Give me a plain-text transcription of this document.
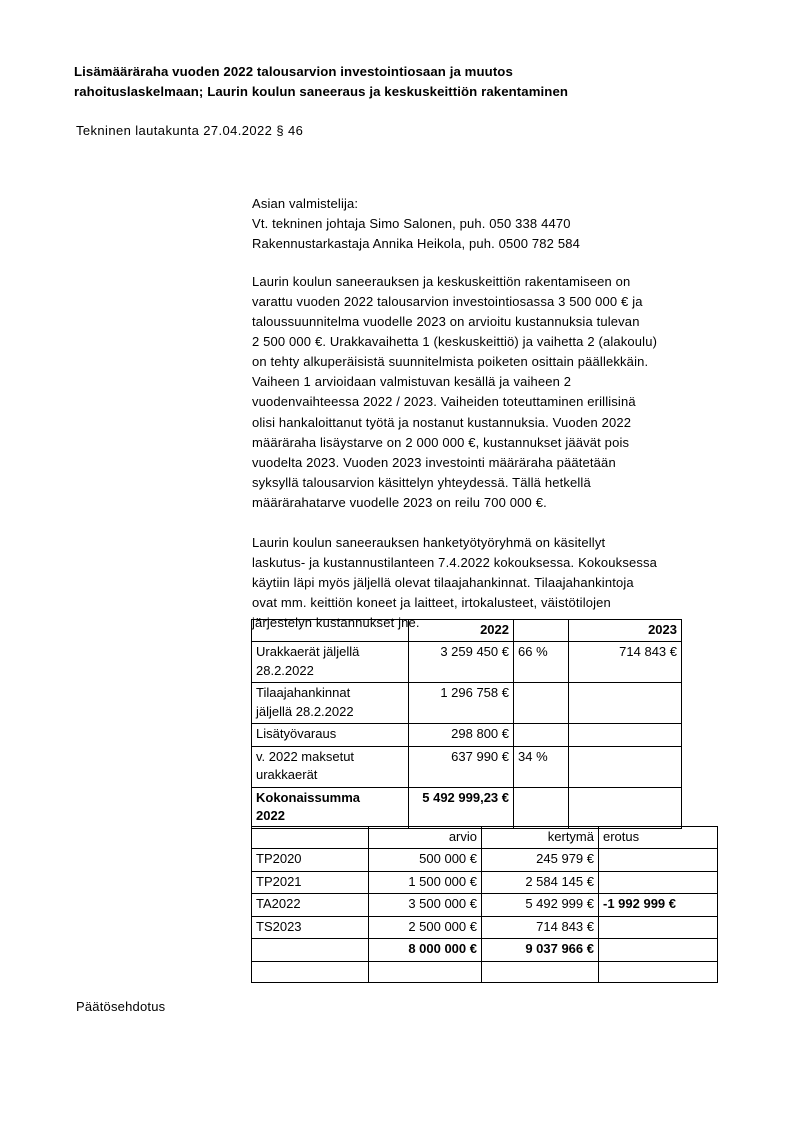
Lisämääräraha vuoden 2022 talousarvion investointiosaan ja muutos
rahoituslaskelmaan; Laurin koulun saneeraus ja keskuskeittiön rakentaminen
Tekninen lautakunta 27.04.2022 § 46

Asian valmistelija:

Vt. tekninen johtaja Simo Salonen, puh. 050 338 4470

Rakennustarkastaja Annika Heikola, puh. 0500 782 584

Laurin koulun saneerauksen ja keskuskeittiön rakentamiseen on

varattu vuoden 2022 talousarvion investointiosassa 3 500 000 € ja

taloussuunnitelma vuodelle 2023 on arvioitu kustannuksia tulevan

2 500 000 €. Urakkavaihetta 1 (keskuskeittiö) ja vaihetta 2 (alakoulu)

on tehty alkuperäisistä suunnitelmista poiketen osittain päällekkäin.

Vaiheen 1 arvioidaan valmistuvan kesällä ja vaiheen 2

vuodenvaihteessa 2022 / 2023. Vaiheiden toteuttaminen erillisinä

olisi hankaloittanut työtä ja nostanut kustannuksia. Vuoden 2022

määräraha lisäystarve on 2 000 000 €, kustannukset jäävät pois

vuodelta 2023. Vuoden 2023 investointi määräraha päätetään

syksyllä talousarvion käsittelyn yhteydessä. Tällä hetkellä

määrärahatarve vuodelle 2023 on reilu 700 000 €.

Laurin koulun saneerauksen hanketyötyöryhmä on käsitellyt

laskutus- ja kustannustilanteen 7.4.2022 kokouksessa. Kokouksessa

käytiin läpi myös jäljellä olevat tilaajahankinnat. Tilaajahankintoja

ovat mm. keittiön koneet ja laitteet, irtokalusteet, väistötilojen

järjestelyn kustannukset jne.

		2022		2023

Urakkaerät jäljellä
28.2.2022	3 259 450 €	66 %	714 843 €

Tilaajahankinnat
jäljellä 28.2.2022	1 296 758 €		

Lisätyövaraus	298 800 €		

v. 2022 maksetut
urakkaerät	637 990 €	34 %	

Kokonaissumma
2022	5 492 999,23 €		
	arvio	kertymä	erotus
TP2020	500 000 €	245 979 €	
TP2021	1 500 000 €	2 584 145 €	
TA2022	3 500 000 €	5 492 999 €	-1 992 999 €
TS2023	2 500 000 €	714 843 €	
	8 000 000 €	9 037 966 €	

Päätösehdotus
